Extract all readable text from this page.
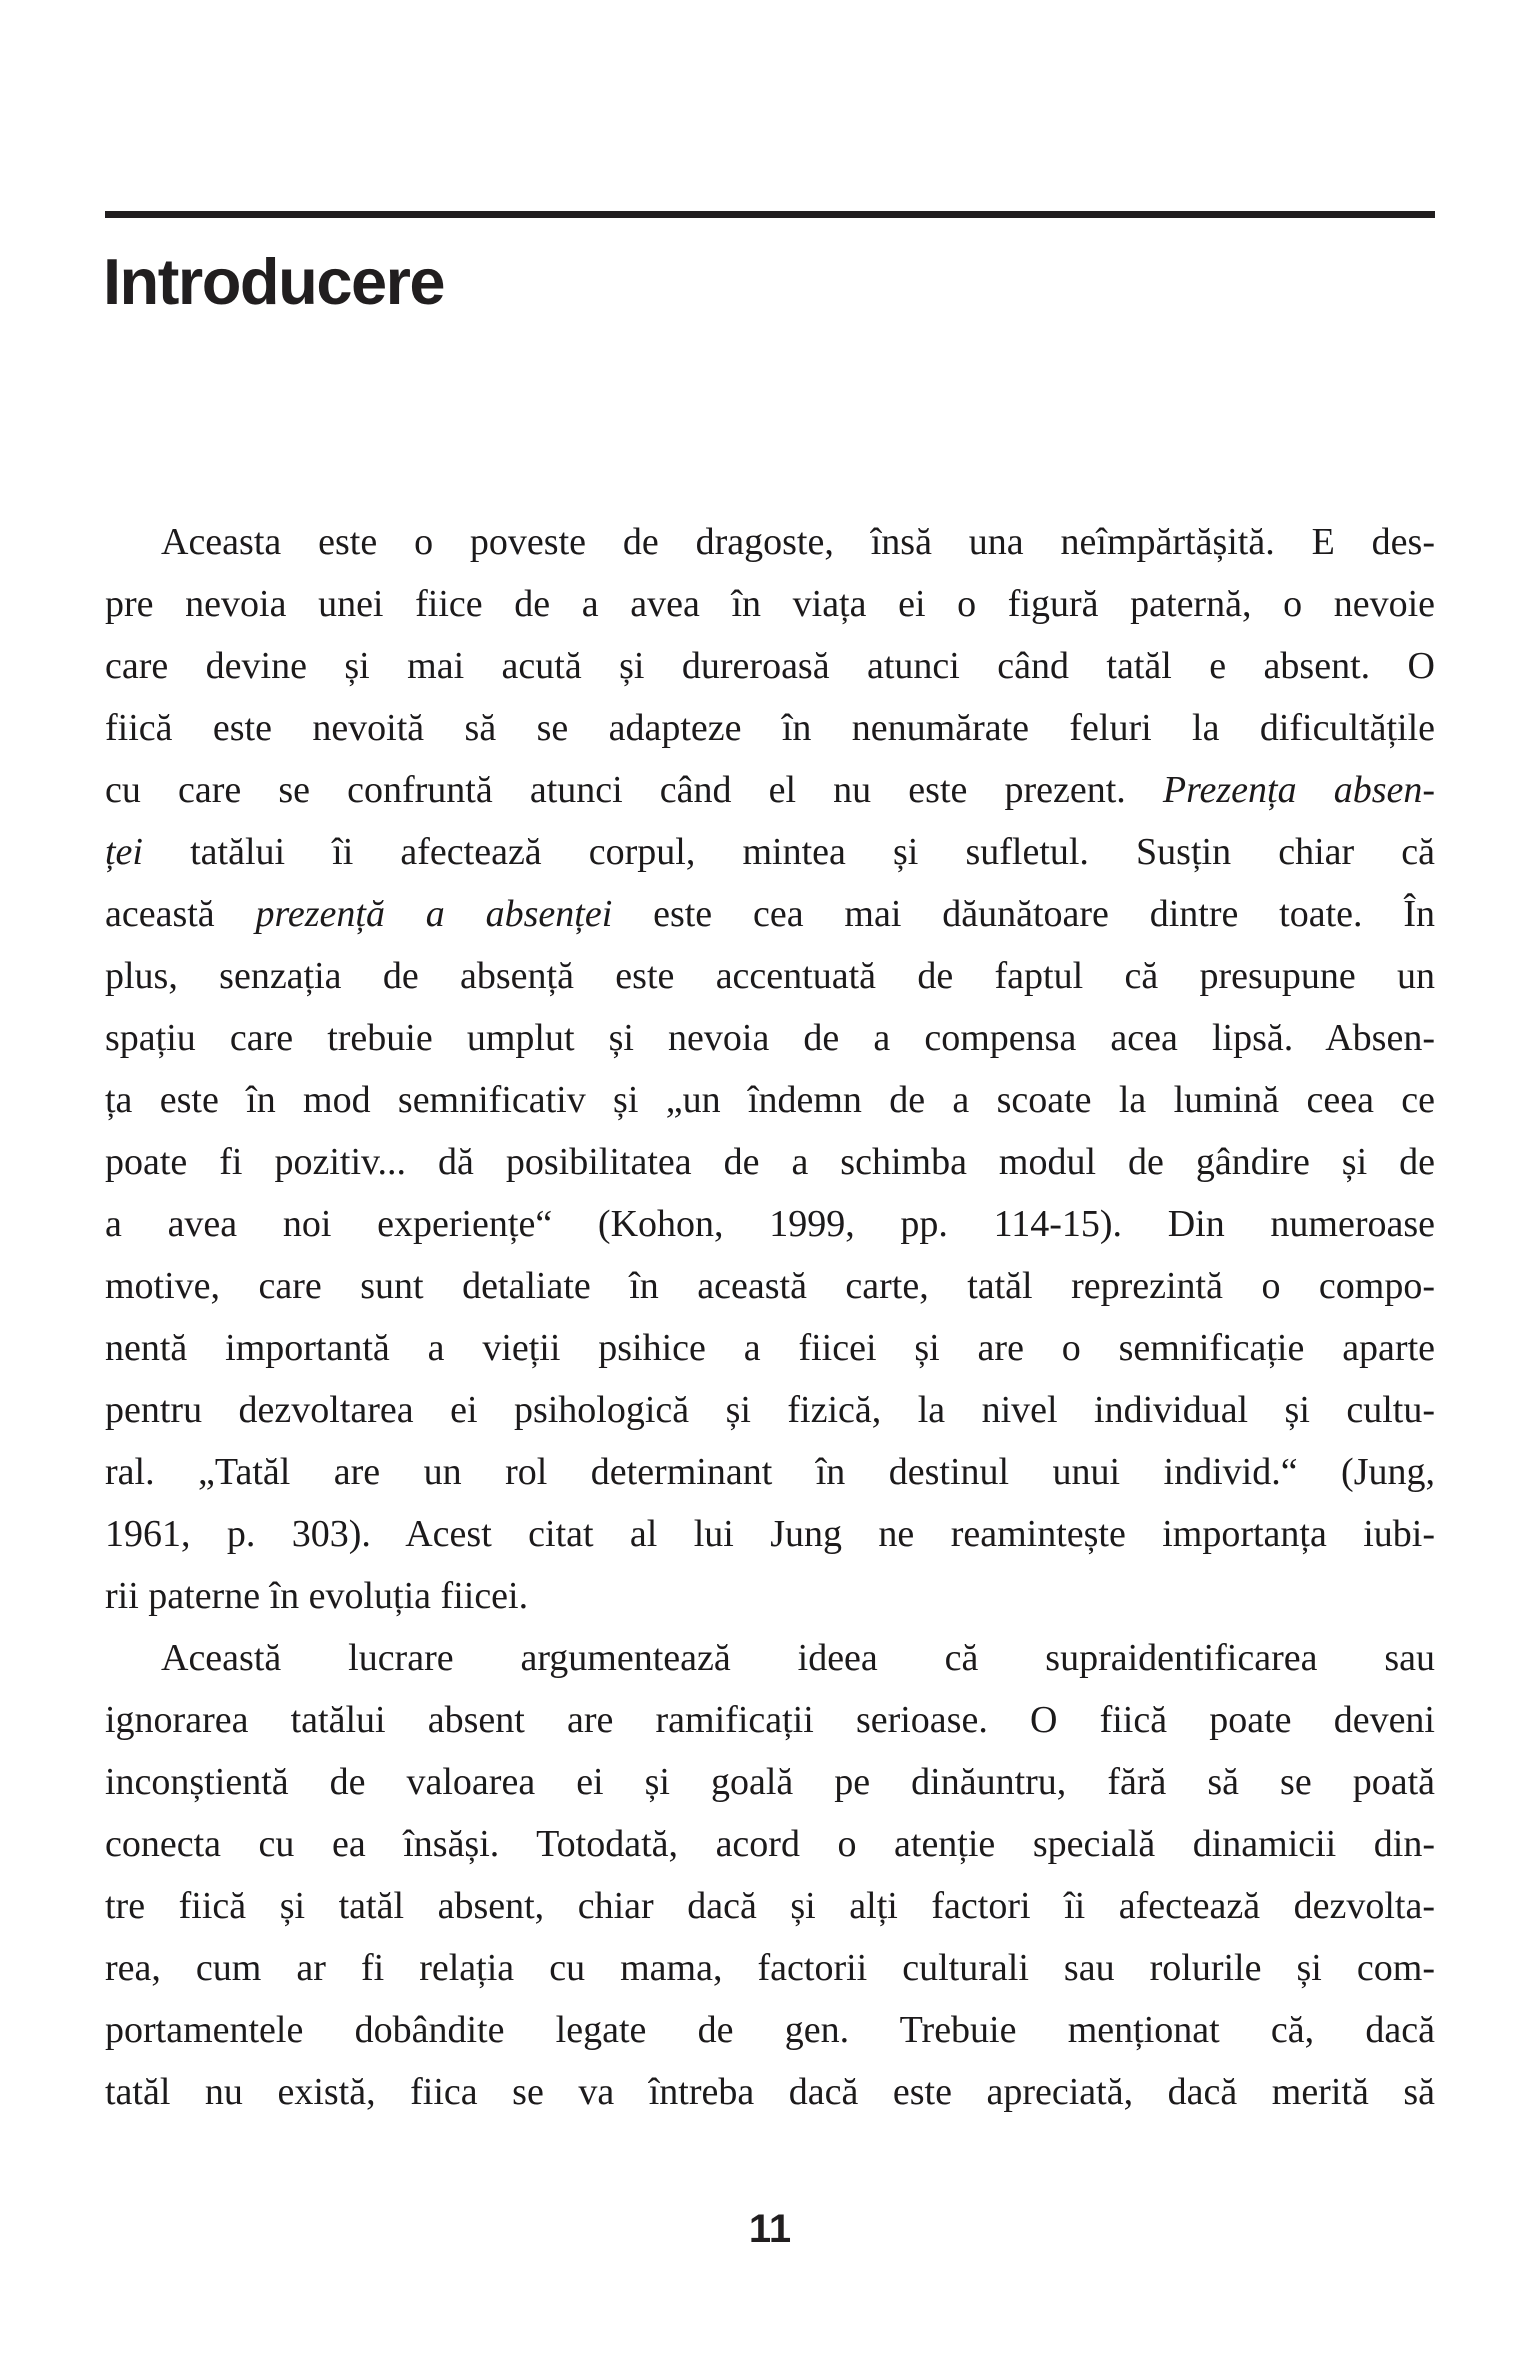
Introducere
Aceasta este o poveste de dragoste, însă una neîmpărtășită. E des-
pre nevoia unei fiice de a avea în viața ei o figură paternă, o nevoie
care devine și mai acută și dureroasă atunci când tatăl e absent. O
fiică este nevoită să se adapteze în nenumărate feluri la dificultățile
cu care se confruntă atunci când el nu este prezent. Prezența absen-
ței tatălui îi afectează corpul, mintea și sufletul. Susțin chiar că
această prezență a absenței este cea mai dăunătoare dintre toate. În
plus, senzația de absență este accentuată de faptul că presupune un
spațiu care trebuie umplut și nevoia de a compensa acea lipsă. Absen-
ța este în mod semnificativ și „un îndemn de a scoate la lumină ceea ce
poate fi pozitiv... dă posibilitatea de a schimba modul de gândire și de
a avea noi experiențe“ (Kohon, 1999, pp. 114-15). Din numeroase
motive, care sunt detaliate în această carte, tatăl reprezintă o compo-
nentă importantă a vieții psihice a fiicei și are o semnificație aparte
pentru dezvoltarea ei psihologică și fizică, la nivel individual și cultu-
ral. „Tatăl are un rol determinant în destinul unui individ.“ (Jung,
1961, p. 303). Acest citat al lui Jung ne reamintește importanța iubi-
rii paterne în evoluția fiicei.
Această lucrare argumentează ideea că supraidentificarea sau
ignorarea tatălui absent are ramificații serioase. O fiică poate deveni
inconștientă de valoarea ei și goală pe dinăuntru, fără să se poată
conecta cu ea însăși. Totodată, acord o atenție specială dinamicii din-
tre fiică și tatăl absent, chiar dacă și alți factori îi afectează dezvolta-
rea, cum ar fi relația cu mama, factorii culturali sau rolurile și com-
portamentele dobândite legate de gen. Trebuie menționat că, dacă
tatăl nu există, fiica se va întreba dacă este apreciată, dacă merită să
11
